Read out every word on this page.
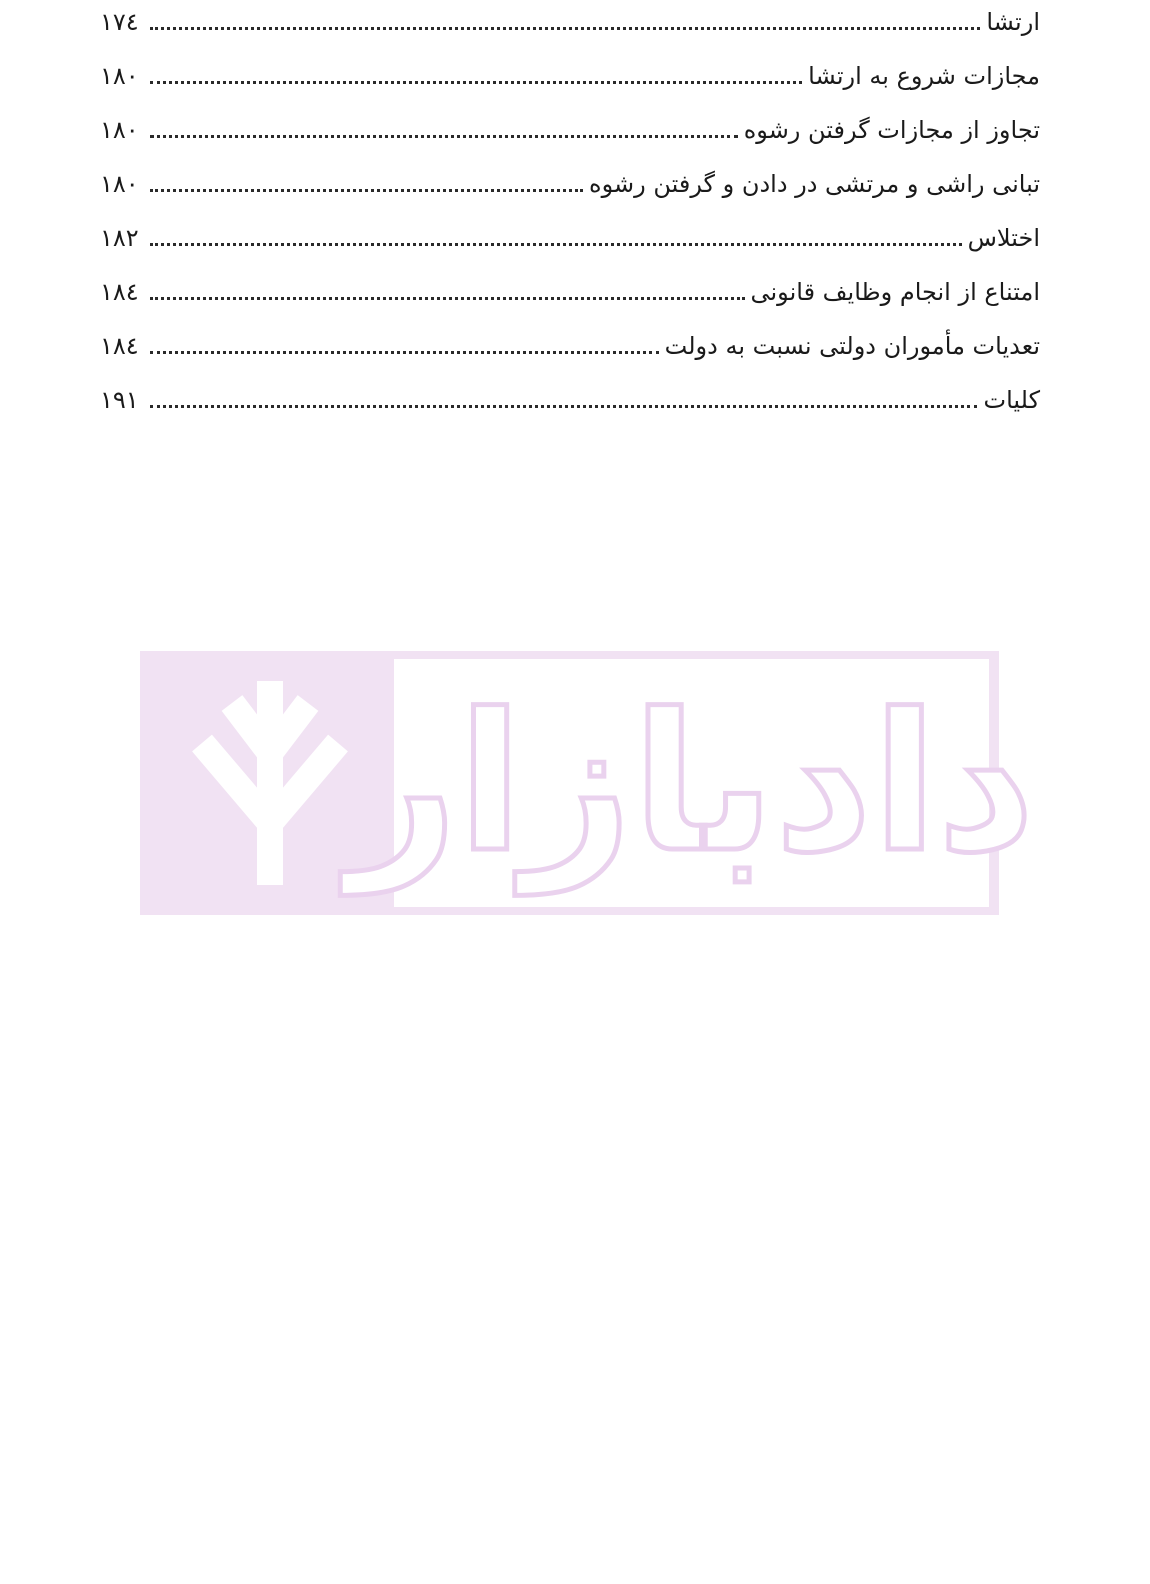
ارتشا
۱۷٤
مجازات شروع به ارتشا
۱۸۰
تجاوز از مجازات گرفتن رشوه
۱۸۰
تبانی راشی و مرتشی در دادن و گرفتن رشوه
۱۸۰
اختلاس
۱۸۲
امتناع از انجام وظایف قانونی
۱۸٤
تعدیات مأموران دولتی نسبت به دولت
۱۸٤
کلیات
۱۹۱
دادبازار
